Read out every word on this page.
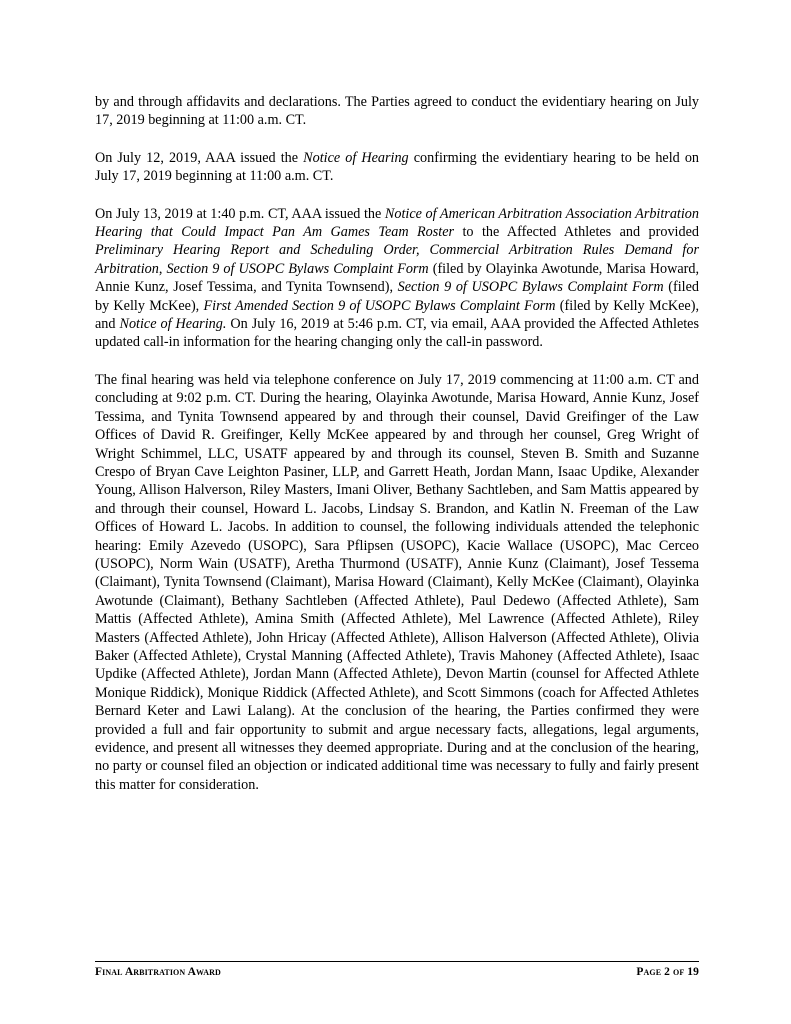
by and through affidavits and declarations. The Parties agreed to conduct the evidentiary hearing on July 17, 2019 beginning at 11:00 a.m. CT.

On July 12, 2019, AAA issued the Notice of Hearing confirming the evidentiary hearing to be held on July 17, 2019 beginning at 11:00 a.m. CT.

On July 13, 2019 at 1:40 p.m. CT, AAA issued the Notice of American Arbitration Association Arbitration Hearing that Could Impact Pan Am Games Team Roster to the Affected Athletes and provided Preliminary Hearing Report and Scheduling Order, Commercial Arbitration Rules Demand for Arbitration, Section 9 of USOPC Bylaws Complaint Form (filed by Olayinka Awotunde, Marisa Howard, Annie Kunz, Josef Tessima, and Tynita Townsend), Section 9 of USOPC Bylaws Complaint Form (filed by Kelly McKee), First Amended Section 9 of USOPC Bylaws Complaint Form (filed by Kelly McKee), and Notice of Hearing. On July 16, 2019 at 5:46 p.m. CT, via email, AAA provided the Affected Athletes updated call-in information for the hearing changing only the call-in password.

The final hearing was held via telephone conference on July 17, 2019 commencing at 11:00 a.m. CT and concluding at 9:02 p.m. CT. During the hearing, Olayinka Awotunde, Marisa Howard, Annie Kunz, Josef Tessima, and Tynita Townsend appeared by and through their counsel, David Greifinger of the Law Offices of David R. Greifinger, Kelly McKee appeared by and through her counsel, Greg Wright of Wright Schimmel, LLC, USATF appeared by and through its counsel, Steven B. Smith and Suzanne Crespo of Bryan Cave Leighton Pasiner, LLP, and Garrett Heath, Jordan Mann, Isaac Updike, Alexander Young, Allison Halverson, Riley Masters, Imani Oliver, Bethany Sachtleben, and Sam Mattis appeared by and through their counsel, Howard L. Jacobs, Lindsay S. Brandon, and Katlin N. Freeman of the Law Offices of Howard L. Jacobs. In addition to counsel, the following individuals attended the telephonic hearing: Emily Azevedo (USOPC), Sara Pflipsen (USOPC), Kacie Wallace (USOPC), Mac Cerceo (USOPC), Norm Wain (USATF), Aretha Thurmond (USATF), Annie Kunz (Claimant), Josef Tessema (Claimant), Tynita Townsend (Claimant), Marisa Howard (Claimant), Kelly McKee (Claimant), Olayinka Awotunde (Claimant), Bethany Sachtleben (Affected Athlete), Paul Dedewo (Affected Athlete), Sam Mattis (Affected Athlete), Amina Smith (Affected Athlete), Mel Lawrence (Affected Athlete), Riley Masters (Affected Athlete), John Hricay (Affected Athlete), Allison Halverson (Affected Athlete), Olivia Baker (Affected Athlete), Crystal Manning (Affected Athlete), Travis Mahoney (Affected Athlete), Isaac Updike (Affected Athlete), Jordan Mann (Affected Athlete), Devon Martin (counsel for Affected Athlete Monique Riddick), Monique Riddick (Affected Athlete), and Scott Simmons (coach for Affected Athletes Bernard Keter and Lawi Lalang). At the conclusion of the hearing, the Parties confirmed they were provided a full and fair opportunity to submit and argue necessary facts, allegations, legal arguments, evidence, and present all witnesses they deemed appropriate. During and at the conclusion of the hearing, no party or counsel filed an objection or indicated additional time was necessary to fully and fairly present this matter for consideration.

Final Arbitration Award	Page 2 of 19
